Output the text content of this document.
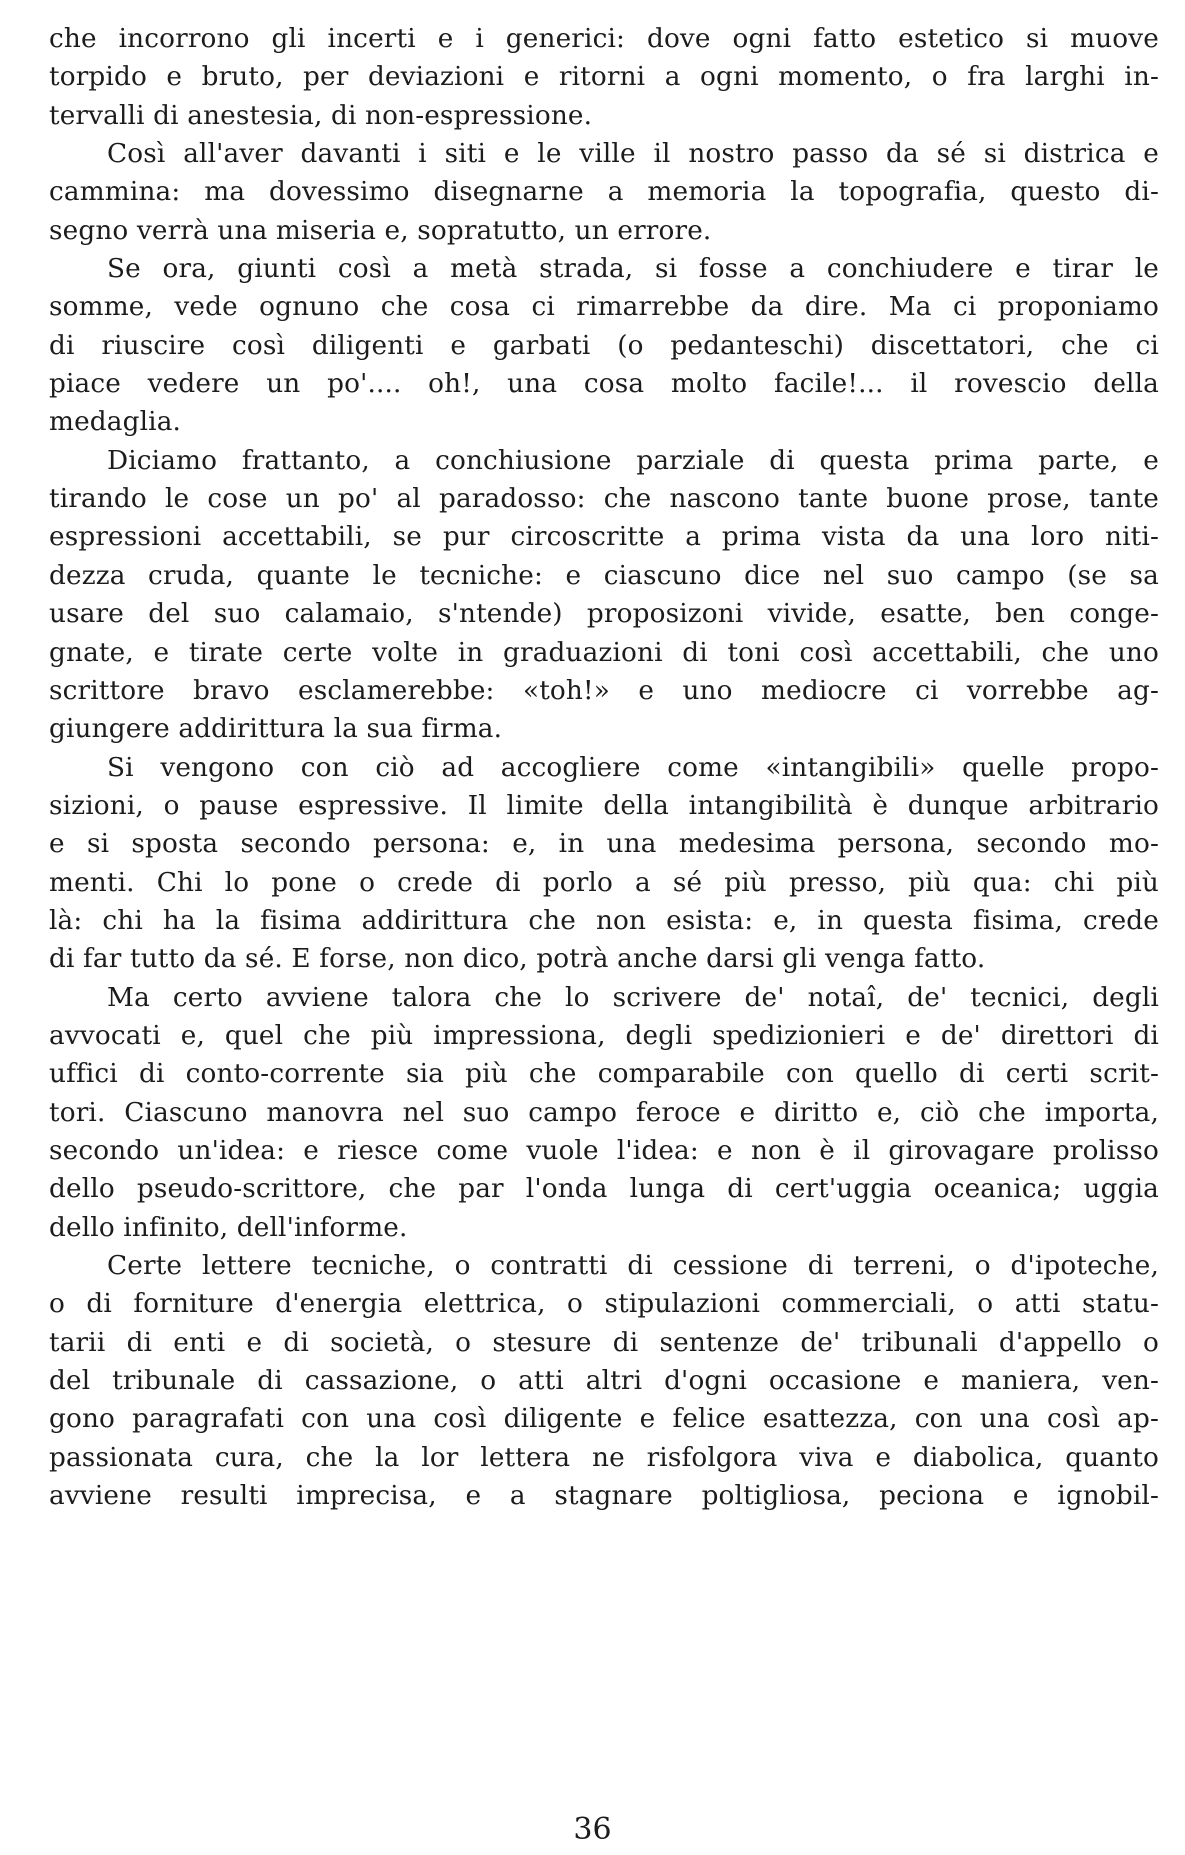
che incorrono gli incerti e i generici: dove ogni fatto estetico si muove
torpido e bruto, per deviazioni e ritorni a ogni momento, o fra larghi in-
tervalli di anestesia, di non-espressione.
Così all'aver davanti i siti e le ville il nostro passo da sé si districa e
cammina: ma dovessimo disegnarne a memoria la topografia, questo di-
segno verrà una miseria e, sopratutto, un errore.
Se ora, giunti così a metà strada, si fosse a conchiudere e tirar le
somme, vede ognuno che cosa ci rimarrebbe da dire. Ma ci proponiamo
di riuscire così diligenti e garbati (o pedanteschi) discettatori, che ci
piace vedere un po'.... oh!, una cosa molto facile!... il rovescio della
medaglia.
Diciamo frattanto, a conchiusione parziale di questa prima parte, e
tirando le cose un po' al paradosso: che nascono tante buone prose, tante
espressioni accettabili, se pur circoscritte a prima vista da una loro niti-
dezza cruda, quante le tecniche: e ciascuno dice nel suo campo (se sa
usare del suo calamaio, s'ntende) proposizoni vivide, esatte, ben conge-
gnate, e tirate certe volte in graduazioni di toni così accettabili, che uno
scrittore bravo esclamerebbe: «toh!» e uno mediocre ci vorrebbe ag-
giungere addirittura la sua firma.
Si vengono con ciò ad accogliere come «intangibili» quelle propo-
sizioni, o pause espressive. Il limite della intangibilità è dunque arbitrario
e si sposta secondo persona: e, in una medesima persona, secondo mo-
menti. Chi lo pone o crede di porlo a sé più presso, più qua: chi più
là: chi ha la fisima addirittura che non esista: e, in questa fisima, crede
di far tutto da sé. E forse, non dico, potrà anche darsi gli venga fatto.
Ma certo avviene talora che lo scrivere de' notaî, de' tecnici, degli
avvocati e, quel che più impressiona, degli spedizionieri e de' direttori di
uffici di conto-corrente sia più che comparabile con quello di certi scrit-
tori. Ciascuno manovra nel suo campo feroce e diritto e, ciò che importa,
secondo un'idea: e riesce come vuole l'idea: e non è il girovagare prolisso
dello pseudo-scrittore, che par l'onda lunga di cert'uggia oceanica; uggia
dello infinito, dell'informe.
Certe lettere tecniche, o contratti di cessione di terreni, o d'ipoteche,
o di forniture d'energia elettrica, o stipulazioni commerciali, o atti statu-
tarii di enti e di società, o stesure di sentenze de' tribunali d'appello o
del tribunale di cassazione, o atti altri d'ogni occasione e maniera, ven-
gono paragrafati con una così diligente e felice esattezza, con una così ap-
passionata cura, che la lor lettera ne risfolgora viva e diabolica, quanto
avviene resulti imprecisa, e a stagnare poltigliosa, peciona e ignobil-
36
